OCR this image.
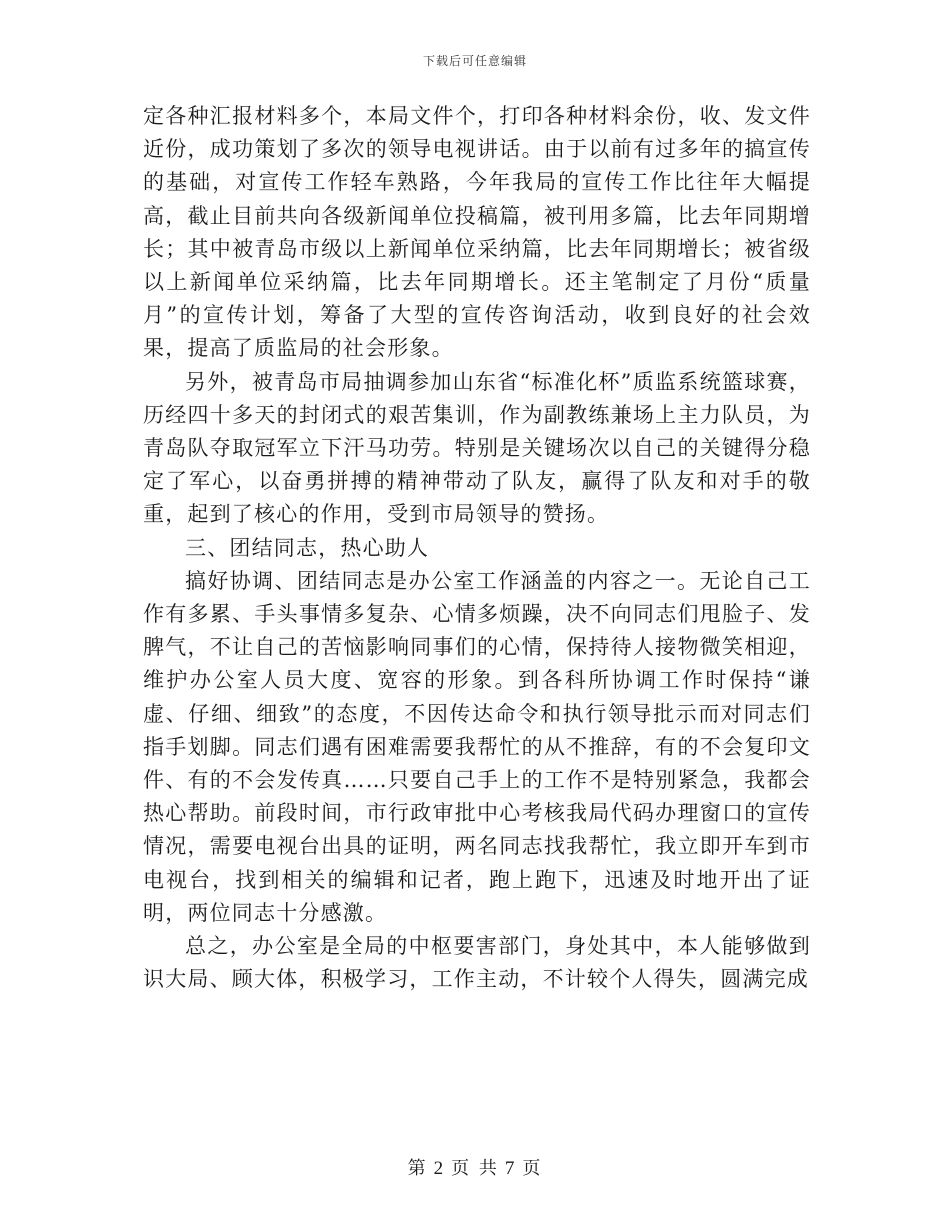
下载后可任意编辑

定各种汇报材料多个，本局文件个，打印各种材料余份，收、发文件近份，成功策划了多次的领导电视讲话。由于以前有过多年的搞宣传的基础，对宣传工作轻车熟路，今年我局的宣传工作比往年大幅提高，截止目前共向各级新闻单位投稿篇，被刊用多篇，比去年同期增长；其中被青岛市级以上新闻单位采纳篇，比去年同期增长；被省级以上新闻单位采纳篇，比去年同期增长。还主笔制定了月份“质量月”的宣传计划，筹备了大型的宣传咨询活动，收到良好的社会效果，提高了质监局的社会形象。

另外，被青岛市局抽调参加山东省“标准化杯”质监系统篮球赛，历经四十多天的封闭式的艰苦集训，作为副教练兼场上主力队员，为青岛队夺取冠军立下汗马功劳。特别是关键场次以自己的关键得分稳定了军心，以奋勇拼搏的精神带动了队友，赢得了队友和对手的敬重，起到了核心的作用，受到市局领导的赞扬。

三、团结同志，热心助人

搞好协调、团结同志是办公室工作涵盖的内容之一。无论自己工作有多累、手头事情多复杂、心情多烦躁，决不向同志们甩脸子、发脾气，不让自己的苦恼影响同事们的心情，保持待人接物微笑相迎，维护办公室人员大度、宽容的形象。到各科所协调工作时保持“谦虚、仔细、细致”的态度，不因传达命令和执行领导批示而对同志们指手划脚。同志们遇有困难需要我帮忙的从不推辞，有的不会复印文件、有的不会发传真……只要自己手上的工作不是特别紧急，我都会热心帮助。前段时间，市行政审批中心考核我局代码办理窗口的宣传情况，需要电视台出具的证明，两名同志找我帮忙，我立即开车到市电视台，找到相关的编辑和记者，跑上跑下，迅速及时地开出了证明，两位同志十分感激。

总之，办公室是全局的中枢要害部门，身处其中，本人能够做到识大局、顾大体，积极学习，工作主动，不计较个人得失，圆满完成

第 2 页 共 7 页
